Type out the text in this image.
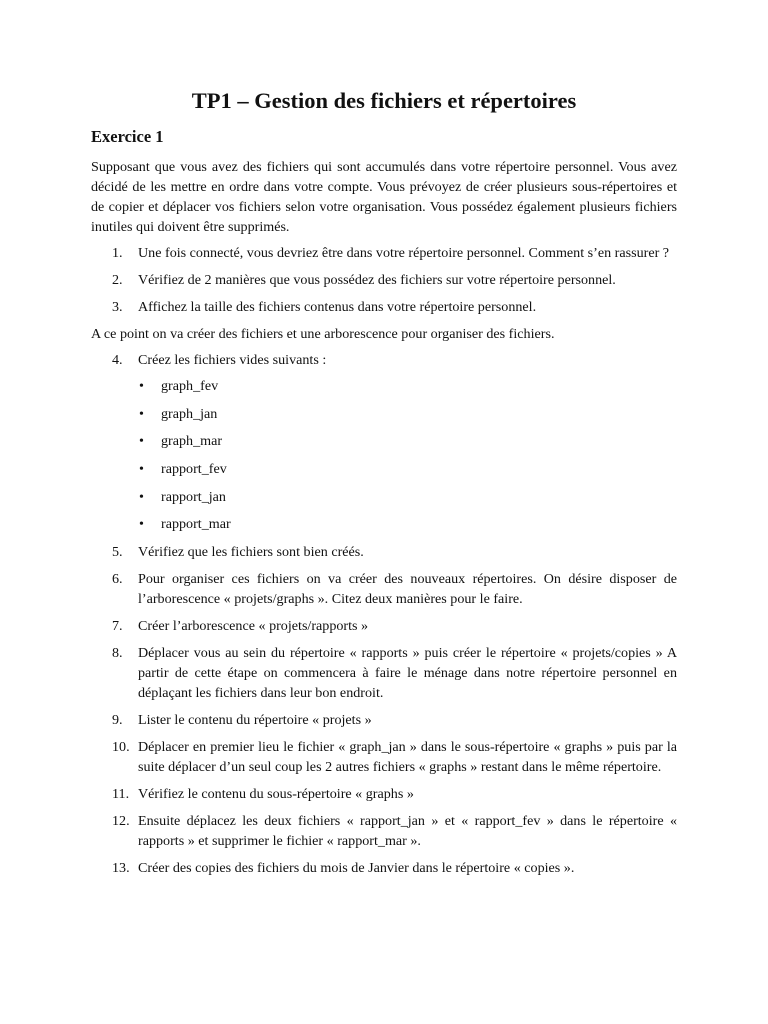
TP1 – Gestion des fichiers et répertoires
Exercice 1

Supposant que vous avez des fichiers qui sont accumulés dans votre répertoire personnel. Vous avez décidé de les mettre en ordre dans votre compte. Vous prévoyez de créer plusieurs sous-répertoires et de copier et déplacer vos fichiers selon votre organisation. Vous possédez également plusieurs fichiers inutiles qui doivent être supprimés.

1. Une fois connecté, vous devriez être dans votre répertoire personnel. Comment s’en rassurer ?
2. Vérifiez de 2 manières que vous possédez des fichiers sur votre répertoire personnel.
3. Affichez la taille des fichiers contenus dans votre répertoire personnel.

A ce point on va créer des fichiers et une arborescence pour organiser des fichiers.

4. Créez les fichiers vides suivants :
• graph_fev
• graph_jan
• graph_mar
• rapport_fev
• rapport_jan
• rapport_mar
5. Vérifiez que les fichiers sont bien créés.
6. Pour organiser ces fichiers on va créer des nouveaux répertoires. On désire disposer de l’arborescence « projets/graphs ». Citez deux manières pour le faire.
7. Créer l’arborescence « projets/rapports »
8. Déplacer vous au sein du répertoire « rapports » puis créer le répertoire « projets/copies » A partir de cette étape on commencera à faire le ménage dans notre répertoire personnel en déplaçant les fichiers dans leur bon endroit.
9. Lister le contenu du répertoire « projets »
10. Déplacer en premier lieu le fichier « graph_jan » dans le sous-répertoire « graphs » puis par la suite déplacer d’un seul coup les 2 autres fichiers « graphs » restant dans le même répertoire.
11. Vérifiez le contenu du sous-répertoire « graphs »
12. Ensuite déplacez les deux fichiers « rapport_jan » et « rapport_fev » dans le répertoire « rapports » et supprimer le fichier « rapport_mar ».
13. Créer des copies des fichiers du mois de Janvier dans le répertoire « copies ».
